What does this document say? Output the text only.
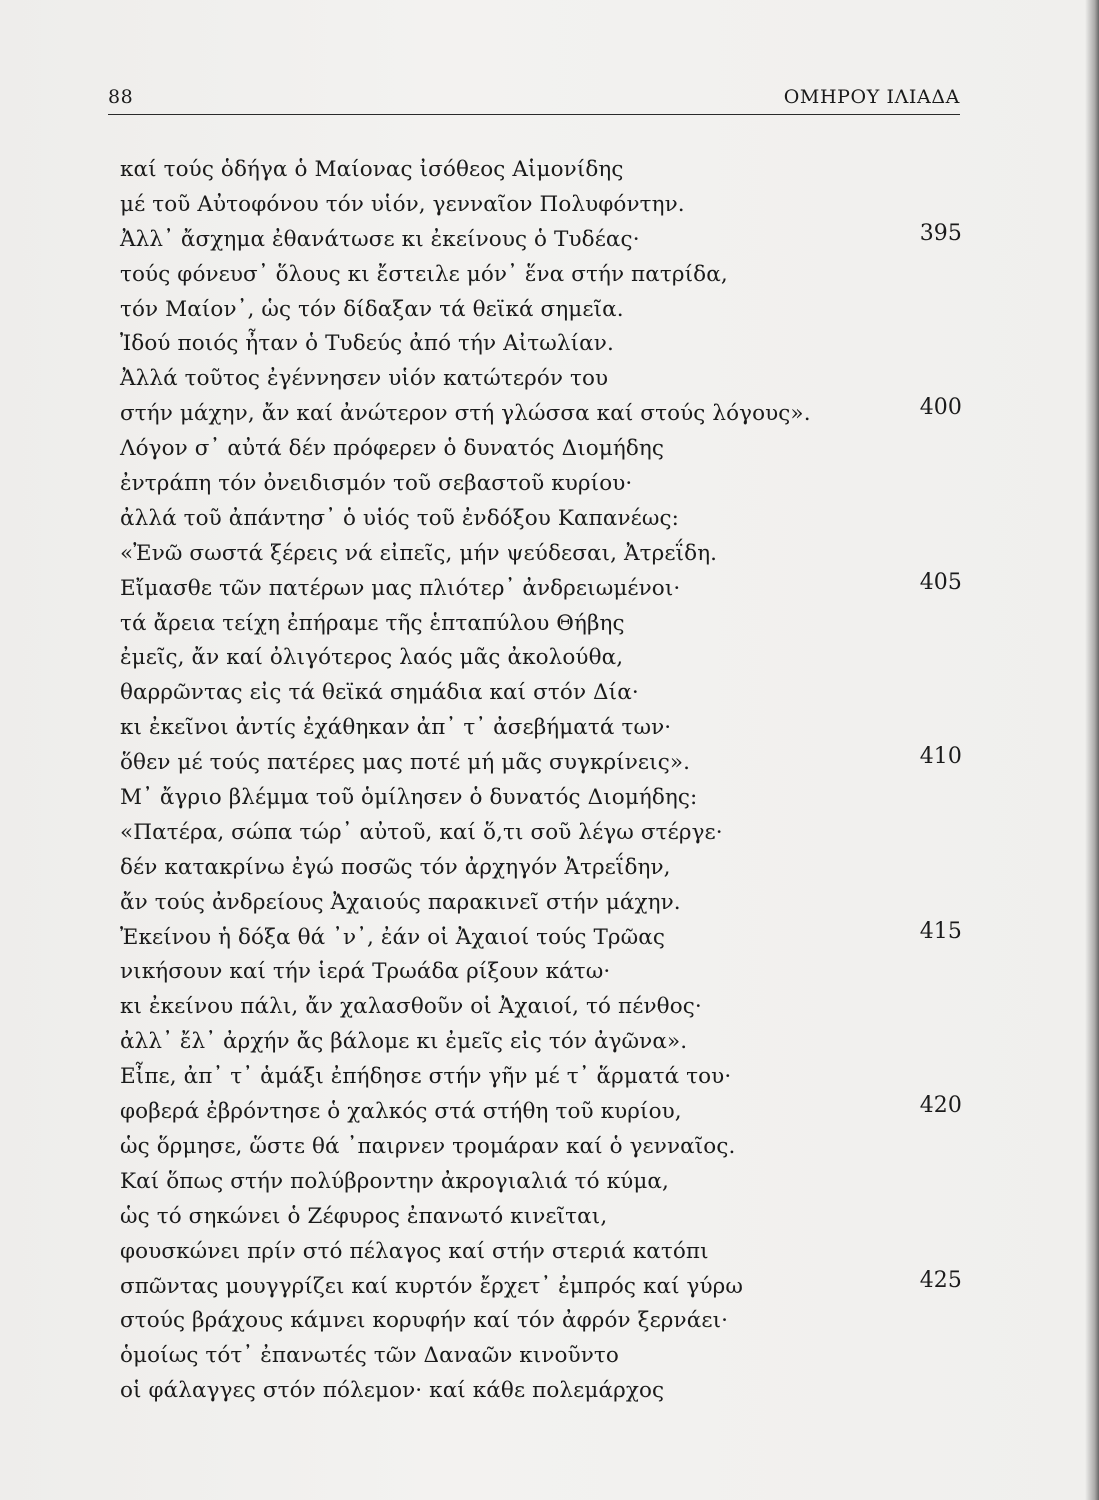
88	ΟΜΗΡΟΥ ΙΛΙΑΔΑ
καί τούς ὁδήγα ὁ Μαίονας ἰσόθεος Αἱμονίδης
μέ τοῦ Αὐτοφόνου τόν υἱόν, γενναῖον Πολυφόντην.
Ἀλλ᾽ ἄσχημα ἐθανάτωσε κι ἐκείνους ὁ Τυδέας·	395
τούς φόνευσ᾽ ὅλους κι ἔστειλε μόν᾽ ἕνα στήν πατρίδα,
τόν Μαίον᾽, ὡς τόν δίδαξαν τά θεϊκά σημεῖα.
Ἰδού ποιός ἦταν ὁ Τυδεύς ἀπό τήν Αἰτωλίαν.
Ἀλλά τοῦτος ἐγέννησεν υἱόν κατώτερόν του
στήν μάχην, ἄν καί ἀνώτερον στή γλώσσα καί στούς λόγους».	400
Λόγον σ᾽ αὐτά δέν πρόφερεν ὁ δυνατός Διομήδης
ἐντράπη τόν ὀνειδισμόν τοῦ σεβαστοῦ κυρίου·
ἀλλά τοῦ ἀπάντησ᾽ ὁ υἱός τοῦ ἐνδόξου Καπανέως:
«Ἐνῶ σωστά ξέρεις νά εἰπεῖς, μήν ψεύδεσαι, Ἀτρεΐδη.
Εἴμασθε τῶν πατέρων μας πλιότερ᾽ ἀνδρειωμένοι·	405
τά ἄρεια τείχη ἐπήραμε τῆς ἑπταπύλου Θήβης
ἐμεῖς, ἄν καί ὀλιγότερος λαός μᾶς ἀκολούθα,
θαρρῶντας εἰς τά θεϊκά σημάδια καί στόν Δία·
κι ἐκεῖνοι ἀντίς ἐχάθηκαν ἀπ᾽ τ᾽ ἀσεβήματά των·
ὅθεν μέ τούς πατέρες μας ποτέ μή μᾶς συγκρίνεις».	410
Μ᾽ ἄγριο βλέμμα τοῦ ὁμίλησεν ὁ δυνατός Διομήδης:
«Πατέρα, σώπα τώρ᾽ αὐτοῦ, καί ὅ,τι σοῦ λέγω στέργε·
δέν κατακρίνω ἐγώ ποσῶς τόν ἀρχηγόν Ἀτρεΐδην,
ἄν τούς ἀνδρείους Ἀχαιούς παρακινεῖ στήν μάχην.
Ἐκείνου ἡ δόξα θά ᾽ν᾽, ἐάν οἱ Ἀχαιοί τούς Τρῶας	415
νικήσουν καί τήν ἱερά Τρωάδα ρίξουν κάτω·
κι ἐκείνου πάλι, ἄν χαλασθοῦν οἱ Ἀχαιοί, τό πένθος·
ἀλλ᾽ ἔλ᾽ ἀρχήν ἄς βάλομε κι ἐμεῖς εἰς τόν ἀγῶνα».
Εἶπε, ἀπ᾽ τ᾽ ἁμάξι ἐπήδησε στήν γῆν μέ τ᾽ ἅρματά του·
φοβερά ἐβρόντησε ὁ χαλκός στά στήθη τοῦ κυρίου,	420
ὡς ὅρμησε, ὥστε θά ᾽παιρνεν τρομάραν καί ὁ γενναῖος.
Καί ὅπως στήν πολύβροντην ἀκρογιαλιά τό κύμα,
ὡς τό σηκώνει ὁ Ζέφυρος ἐπανωτό κινεῖται,
φουσκώνει πρίν στό πέλαγος καί στήν στεριά κατόπι
σπῶντας μουγγρίζει καί κυρτόν ἔρχετ᾽ ἐμπρός καί γύρω	425
στούς βράχους κάμνει κορυφήν καί τόν ἀφρόν ξερνάει·
ὁμοίως τότ᾽ ἐπανωτές τῶν Δαναῶν κινοῦντο
οἱ φάλαγγες στόν πόλεμον· καί κάθε πολεμάρχος
